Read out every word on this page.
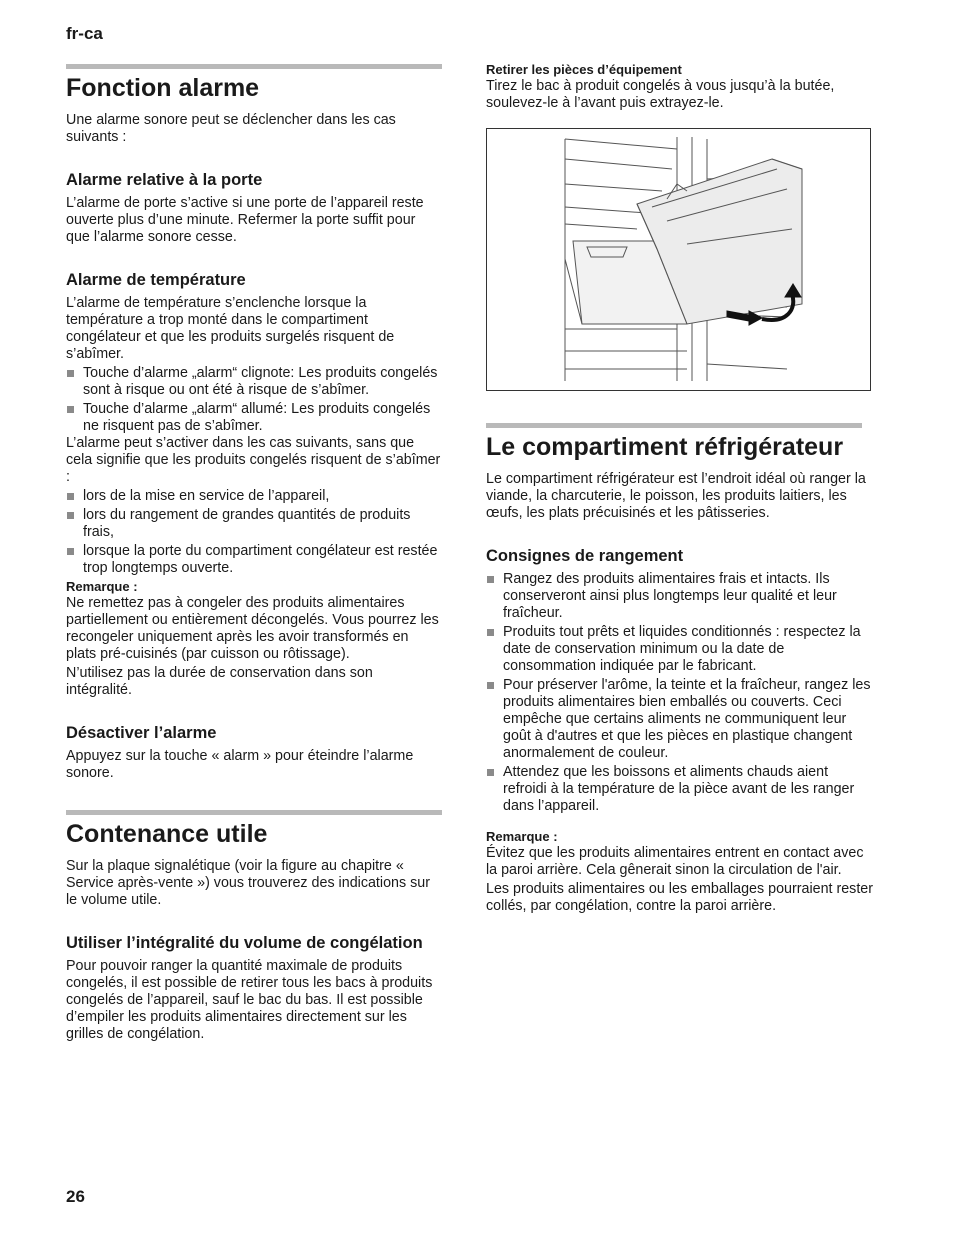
fr-ca
Fonction alarme

Une alarme sonore peut se déclencher dans les cas suivants :

Alarme relative à la porte

L’alarme de porte s’active si une porte de l’appareil reste ouverte plus d’une minute. Refermer la porte suffit pour que l’alarme sonore cesse.

Alarme de température

L’alarme de température s’enclenche lorsque la température a trop monté dans le compartiment congélateur et que les produits surgelés risquent de s’abîmer.

Touche d’alarme „alarm“ clignote: Les produits congelés sont à risque ou ont été à risque de s’abîmer.
Touche d’alarme „alarm“ allumé: Les produits congelés ne risquent pas de s’abîmer.

L’alarme peut s’activer dans les cas suivants, sans que cela signifie que les produits congelés risquent de s’abîmer :

lors de la mise en service de l’appareil,
lors du rangement de grandes quantités de produits frais,
lorsque la porte du compartiment congélateur est restée trop longtemps ouverte.

Remarque :

Ne remettez pas à congeler des produits alimentaires partiellement ou entièrement décongelés. Vous pourrez les recongeler uniquement après les avoir transformés en plats pré-cuisinés (par cuisson ou rôtissage).

N’utilisez pas la durée de conservation dans son intégralité.

Désactiver l’alarme

Appuyez sur la touche « alarm » pour éteindre l’alarme sonore.

Contenance utile

Sur la plaque signalétique (voir la figure au chapitre « Service après-vente ») vous trouverez des indications sur le volume utile.

Utiliser l’intégralité du volume de congélation

Pour pouvoir ranger la quantité maximale de produits congelés, il est possible de retirer tous les bacs à produits congelés de l’appareil, sauf le bac du bas. Il est possible d’empiler les produits alimentaires directement sur les grilles de congélation.

Retirer les pièces d’équipement

Tirez le bac à produit congelés à vous jusqu’à la butée, soulevez-le à l’avant puis extrayez-le.

Le compartiment réfrigérateur

Le compartiment réfrigérateur est l’endroit idéal où ranger la viande, la charcuterie, le poisson, les produits laitiers, les œufs, les plats précuisinés et les pâtisseries.

Consignes de rangement
Rangez des produits alimentaires frais et intacts. Ils conserveront ainsi plus longtemps leur qualité et leur fraîcheur.
Produits tout prêts et liquides conditionnés : respectez la date de conservation minimum ou la date de consommation indiquée par le fabricant.
Pour préserver l'arôme, la teinte et la fraîcheur, rangez les produits alimentaires bien emballés ou couverts. Ceci empêche que certains aliments ne communiquent leur goût à d'autres et que les pièces en plastique changent anormalement de couleur.
Attendez que les boissons et aliments chauds aient refroidi à la température de la pièce avant de les ranger dans l’appareil.

Remarque :

Évitez que les produits alimentaires entrent en contact avec la paroi arrière. Cela gênerait sinon la circulation de l'air.

Les produits alimentaires ou les emballages pourraient rester collés, par congélation, contre la paroi arrière.

26
